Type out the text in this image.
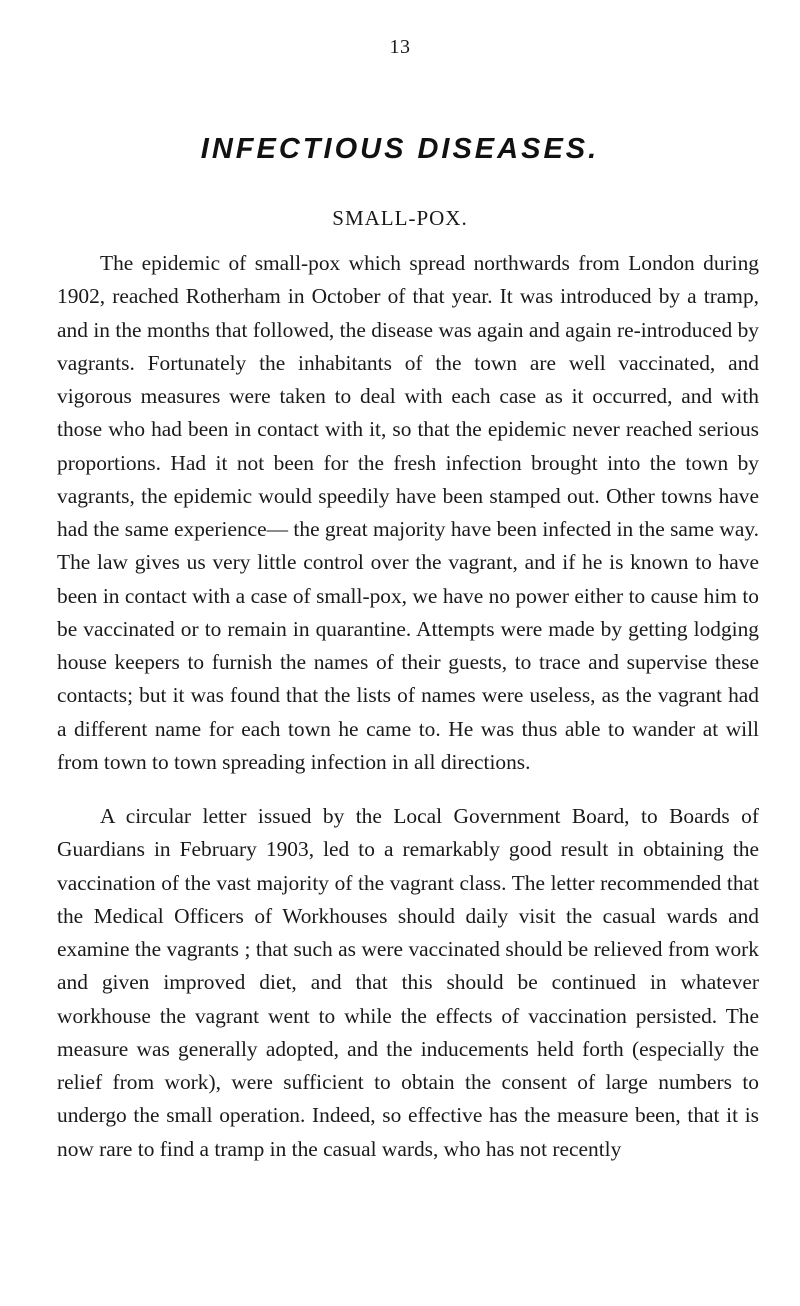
13
INFECTIOUS DISEASES.
SMALL-POX.

The epidemic of small-pox which spread northwards from London during 1902, reached Rotherham in October of that year. It was introduced by a tramp, and in the months that followed, the disease was again and again re-introduced by vagrants. Fortunately the inhabitants of the town are well vaccinated, and vigorous measures were taken to deal with each case as it occurred, and with those who had been in contact with it, so that the epidemic never reached serious proportions. Had it not been for the fresh infection brought into the town by vagrants, the epidemic would speedily have been stamped out. Other towns have had the same experience— the great majority have been infected in the same way. The law gives us very little control over the vagrant, and if he is known to have been in contact with a case of small-pox, we have no power either to cause him to be vaccinated or to remain in quarantine. Attempts were made by getting lodging house keepers to furnish the names of their guests, to trace and supervise these contacts; but it was found that the lists of names were useless, as the vagrant had a different name for each town he came to. He was thus able to wander at will from town to town spreading infection in all directions.

A circular letter issued by the Local Government Board, to Boards of Guardians in February 1903, led to a remarkably good result in obtaining the vaccination of the vast majority of the vagrant class. The letter recommended that the Medical Officers of Workhouses should daily visit the casual wards and examine the vagrants ; that such as were vaccinated should be relieved from work and given improved diet, and that this should be continued in whatever workhouse the vagrant went to while the effects of vaccination persisted. The measure was generally adopted, and the inducements held forth (especially the relief from work), were sufficient to obtain the consent of large numbers to undergo the small operation. Indeed, so effective has the measure been, that it is now rare to find a tramp in the casual wards, who has not recently
